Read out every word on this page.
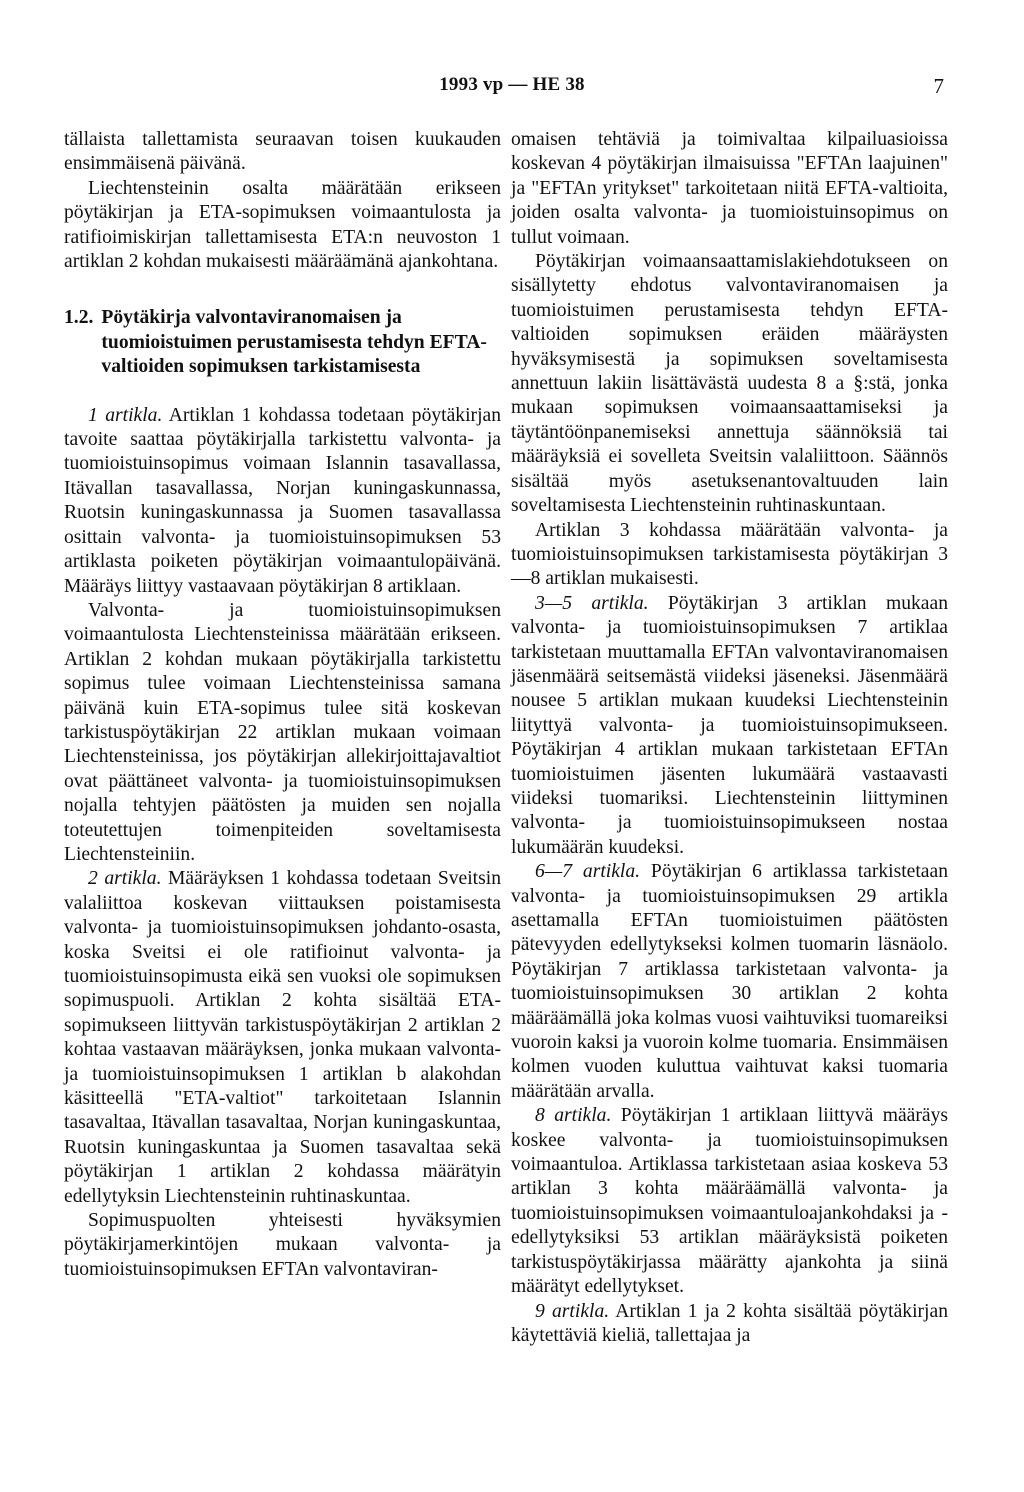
1993 vp — HE 38	7

tällaista tallettamista seuraavan toisen kuukauden ensimmäisenä päivänä.

Liechtensteinin osalta määrätään erikseen pöytäkirjan ja ETA-sopimuksen voimaantulosta ja ratifioimiskirjan tallettamisesta ETA:n neuvoston 1 artiklan 2 kohdan mukaisesti määräämänä ajankohtana.

1.2. Pöytäkirja valvontaviranomaisen ja tuomioistuimen perustamisesta tehdyn EFTA-valtioiden sopimuksen tarkistamisesta

1 artikla. Artiklan 1 kohdassa todetaan pöytäkirjan tavoite saattaa pöytäkirjalla tarkistettu valvonta- ja tuomioistuinsopimus voimaan Islannin tasavallassa, Itävallan tasavallassa, Norjan kuningaskunnassa, Ruotsin kuningaskunnassa ja Suomen tasavallassa osittain valvonta- ja tuomioistuinsopimuksen 53 artiklasta poiketen pöytäkirjan voimaantulopäivänä. Määräys liittyy vastaavaan pöytäkirjan 8 artiklaan.

Valvonta- ja tuomioistuinsopimuksen voimaantulosta Liechtensteinissa määrätään erikseen. Artiklan 2 kohdan mukaan pöytäkirjalla tarkistettu sopimus tulee voimaan Liechtensteinissa samana päivänä kuin ETA-sopimus tulee sitä koskevan tarkistuspöytäkirjan 22 artiklan mukaan voimaan Liechtensteinissa, jos pöytäkirjan allekirjoittajavaltiot ovat päättäneet valvonta- ja tuomioistuinsopimuksen nojalla tehtyjen päätösten ja muiden sen nojalla toteutettujen toimenpiteiden soveltamisesta Liechtensteiniin.

2 artikla. Määräyksen 1 kohdassa todetaan Sveitsin valaliittoa koskevan viittauksen poistamisesta valvonta- ja tuomioistuinsopimuksen johdanto-osasta, koska Sveitsi ei ole ratifioinut valvonta- ja tuomioistuinsopimusta eikä sen vuoksi ole sopimuksen sopimuspuoli. Artiklan 2 kohta sisältää ETA-sopimukseen liittyvän tarkistuspöytäkirjan 2 artiklan 2 kohtaa vastaavan määräyksen, jonka mukaan valvonta- ja tuomioistuinsopimuksen 1 artiklan b alakohdan käsitteellä "ETA-valtiot" tarkoitetaan Islannin tasavaltaa, Itävallan tasavaltaa, Norjan kuningaskuntaa, Ruotsin kuningaskuntaa ja Suomen tasavaltaa sekä pöytäkirjan 1 artiklan 2 kohdassa määrätyin edellytyksin Liechtensteinin ruhtinaskuntaa.

Sopimuspuolten yhteisesti hyväksymien pöytäkirjamerkintöjen mukaan valvonta- ja tuomioistuinsopimuksen EFTAn valvontaviran-

omaisen tehtäviä ja toimivaltaa kilpailuasioissa koskevan 4 pöytäkirjan ilmaisuissa "EFTAn laajuinen" ja "EFTAn yritykset" tarkoitetaan niitä EFTA-valtioita, joiden osalta valvonta- ja tuomioistuinsopimus on tullut voimaan.

Pöytäkirjan voimaansaattamislakiehdotukseen on sisällytetty ehdotus valvontaviranomaisen ja tuomioistuimen perustamisesta tehdyn EFTA-valtioiden sopimuksen eräiden määräysten hyväksymisestä ja sopimuksen soveltamisesta annettuun lakiin lisättävästä uudesta 8 a §:stä, jonka mukaan sopimuksen voimaansaattamiseksi ja täytäntöönpanemiseksi annettuja säännöksiä tai määräyksiä ei sovelleta Sveitsin valaliittoon. Säännös sisältää myös asetuksenantovaltuuden lain soveltamisesta Liechtensteinin ruhtinaskuntaan.

Artiklan 3 kohdassa määrätään valvonta- ja tuomioistuinsopimuksen tarkistamisesta pöytäkirjan 3—8 artiklan mukaisesti.

3—5 artikla. Pöytäkirjan 3 artiklan mukaan valvonta- ja tuomioistuinsopimuksen 7 artiklaa tarkistetaan muuttamalla EFTAn valvontaviranomaisen jäsenmäärä seitsemästä viideksi jäseneksi. Jäsenmäärä nousee 5 artiklan mukaan kuudeksi Liechtensteinin liityttyä valvonta- ja tuomioistuinsopimukseen. Pöytäkirjan 4 artiklan mukaan tarkistetaan EFTAn tuomioistuimen jäsenten lukumäärä vastaavasti viideksi tuomariksi. Liechtensteinin liittyminen valvonta- ja tuomioistuinsopimukseen nostaa lukumäärän kuudeksi.

6—7 artikla. Pöytäkirjan 6 artiklassa tarkistetaan valvonta- ja tuomioistuinsopimuksen 29 artikla asettamalla EFTAn tuomioistuimen päätösten pätevyyden edellytykseksi kolmen tuomarin läsnäolo. Pöytäkirjan 7 artiklassa tarkistetaan valvonta- ja tuomioistuinsopimuksen 30 artiklan 2 kohta määräämällä joka kolmas vuosi vaihtuviksi tuomareiksi vuoroin kaksi ja vuoroin kolme tuomaria. Ensimmäisen kolmen vuoden kuluttua vaihtuvat kaksi tuomaria määrätään arvalla.

8 artikla. Pöytäkirjan 1 artiklaan liittyvä määräys koskee valvonta- ja tuomioistuinsopimuksen voimaantuloa. Artiklassa tarkistetaan asiaa koskeva 53 artiklan 3 kohta määräämällä valvonta- ja tuomioistuinsopimuksen voimaantuloajankohdaksi ja -edellytyksiksi 53 artiklan määräyksistä poiketen tarkistuspöytäkirjassa määrätty ajankohta ja siinä määrätyt edellytykset.

9 artikla. Artiklan 1 ja 2 kohta sisältää pöytäkirjan käytettäviä kieliä, tallettajaa ja
